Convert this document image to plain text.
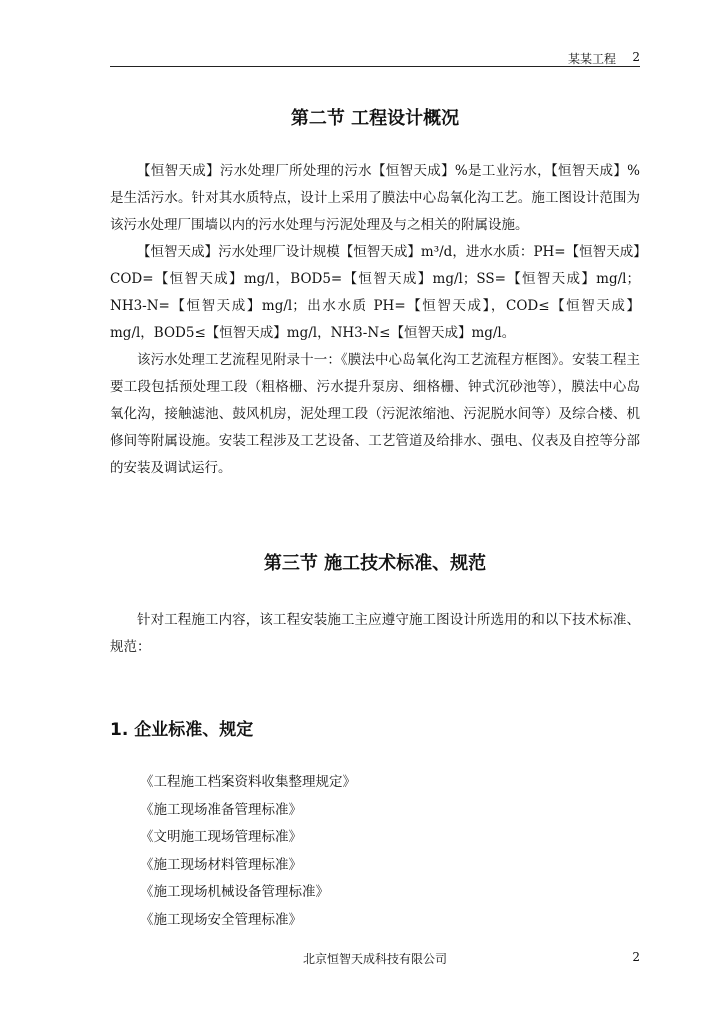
某某工程 2
第二节 工程设计概况

【恒智天成】污水处理厂所处理的污水【恒智天成】%是工业污水，【恒智天成】%是生活污水。针对其水质特点，设计上采用了膜法中心岛氧化沟工艺。施工图设计范围为该污水处理厂围墙以内的污水处理与污泥处理及与之相关的附属设施。

【恒智天成】污水处理厂设计规模【恒智天成】m³/d，进水水质：PH=【恒智天成】COD=【恒智天成】mg/l，BOD5=【恒智天成】mg/l；SS=【恒智天成】mg/l；NH3-N=【恒智天成】mg/l；出水水质 PH=【恒智天成】，COD≤【恒智天成】mg/l，BOD5≤【恒智天成】mg/l，NH3-N≤【恒智天成】mg/l。

该污水处理工艺流程见附录十一：《膜法中心岛氧化沟工艺流程方框图》。安装工程主要工段包括预处理工段（粗格栅、污水提升泵房、细格栅、钟式沉砂池等），膜法中心岛氧化沟，接触滤池、鼓风机房，泥处理工段（污泥浓缩池、污泥脱水间等）及综合楼、机修间等附属设施。安装工程涉及工艺设备、工艺管道及给排水、强电、仪表及自控等分部的安装及调试运行。

第三节 施工技术标准、规范

针对工程施工内容，该工程安装施工主应遵守施工图设计所选用的和以下技术标准、规范：

1. 企业标准、规定
《工程施工档案资料收集整理规定》
《施工现场准备管理标准》
《文明施工现场管理标准》
《施工现场材料管理标准》
《施工现场机械设备管理标准》
《施工现场安全管理标准》
北京恒智天成科技有限公司	2
